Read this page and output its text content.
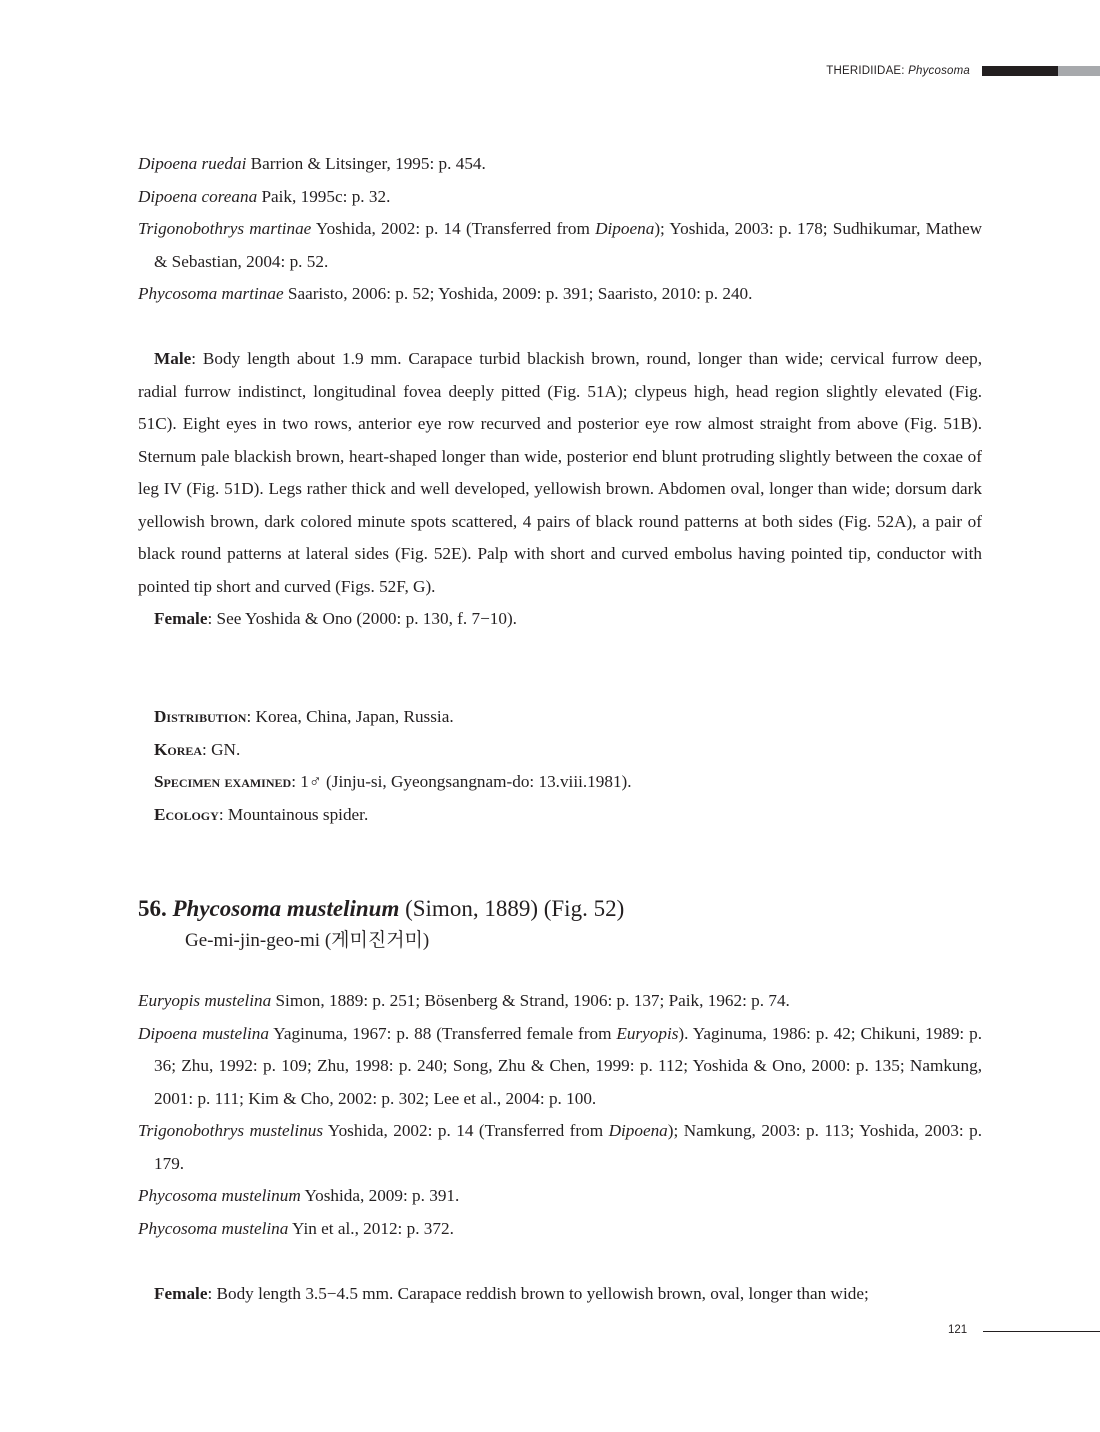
THERIDIIDAE: Phycosoma

Dipoena ruedai Barrion & Litsinger, 1995: p. 454.

Dipoena coreana Paik, 1995c: p. 32.

Trigonobothrys martinae Yoshida, 2002: p. 14 (Transferred from Dipoena); Yoshida, 2003: p. 178; Sudhikumar, Mathew & Sebastian, 2004: p. 52.

Phycosoma martinae Saaristo, 2006: p. 52; Yoshida, 2009: p. 391; Saaristo, 2010: p. 240.

Male: Body length about 1.9 mm. Carapace turbid blackish brown, round, longer than wide; cervical furrow deep, radial furrow indistinct, longitudinal fovea deeply pitted (Fig. 51A); clypeus high, head region slightly elevated (Fig. 51C). Eight eyes in two rows, anterior eye row recurved and posterior eye row almost straight from above (Fig. 51B). Sternum pale blackish brown, heart-shaped longer than wide, posterior end blunt protruding slightly between the coxae of leg IV (Fig. 51D). Legs rather thick and well developed, yellowish brown. Abdomen oval, longer than wide; dorsum dark yellowish brown, dark colored minute spots scattered, 4 pairs of black round patterns at both sides (Fig. 52A), a pair of black round patterns at lateral sides (Fig. 52E). Palp with short and curved embolus having pointed tip, conductor with pointed tip short and curved (Figs. 52F, G).

Female: See Yoshida & Ono (2000: p. 130, f. 7−10).

Distribution: Korea, China, Japan, Russia.

Korea: GN.

Specimen examined: 1♂ (Jinju-si, Gyeongsangnam-do: 13.viii.1981).

Ecology: Mountainous spider.

56. Phycosoma mustelinum (Simon, 1889) (Fig. 52)
Ge-mi-jin-geo-mi (게미진거미)

Euryopis mustelina Simon, 1889: p. 251; Bösenberg & Strand, 1906: p. 137; Paik, 1962: p. 74.

Dipoena mustelina Yaginuma, 1967: p. 88 (Transferred female from Euryopis). Yaginuma, 1986: p. 42; Chikuni, 1989: p. 36; Zhu, 1992: p. 109; Zhu, 1998: p. 240; Song, Zhu & Chen, 1999: p. 112; Yoshida & Ono, 2000: p. 135; Namkung, 2001: p. 111; Kim & Cho, 2002: p. 302; Lee et al., 2004: p. 100.

Trigonobothrys mustelinus Yoshida, 2002: p. 14 (Transferred from Dipoena); Namkung, 2003: p. 113; Yoshida, 2003: p. 179.

Phycosoma mustelinum Yoshida, 2009: p. 391.

Phycosoma mustelina Yin et al., 2012: p. 372.

Female: Body length 3.5−4.5 mm. Carapace reddish brown to yellowish brown, oval, longer than wide;

121
